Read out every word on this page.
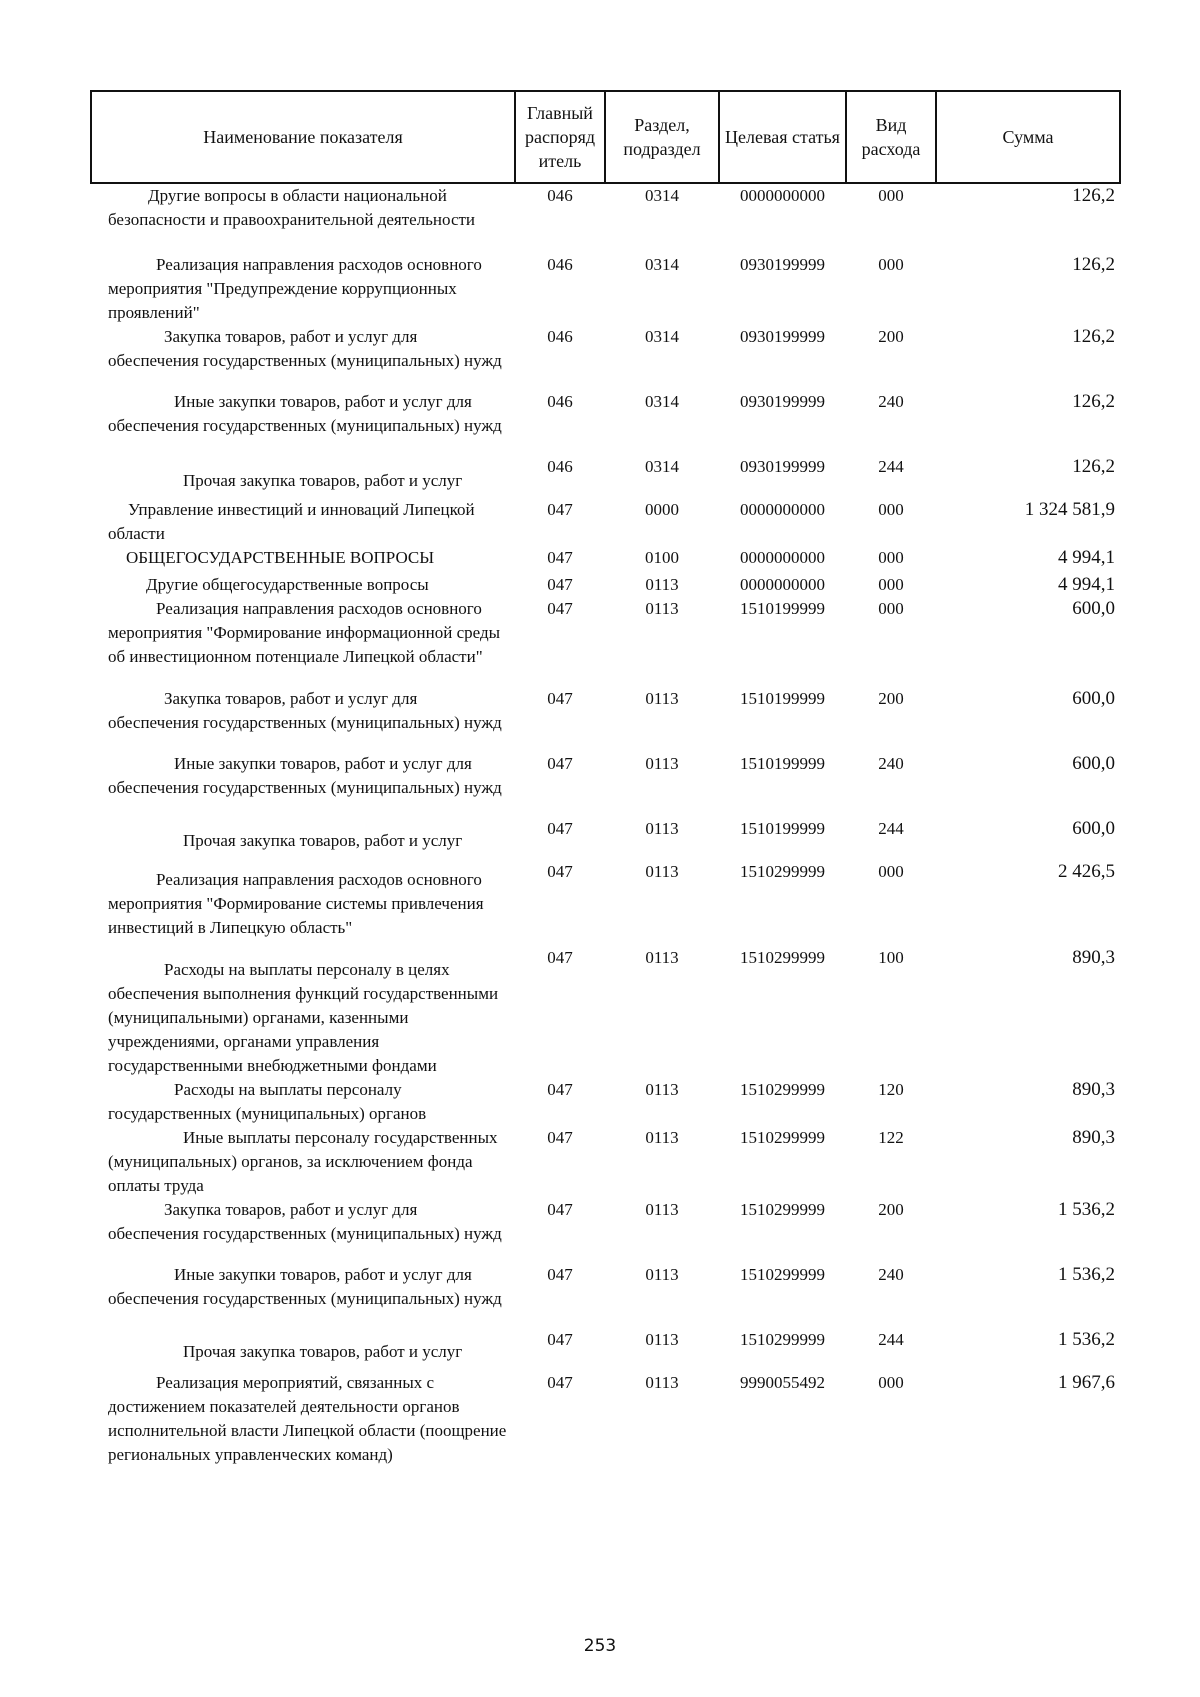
Наименование показателя	Главный распоряд итель	Раздел, подраздел	Целевая статья	Вид расхода	Сумма
Другие вопросы в области национальной безопасности и правоохранительной деятельности	046	0314	0000000000	000	126,2
Реализация направления расходов основного мероприятия "Предупреждение коррупционных проявлений"	046	0314	0930199999	000	126,2
Закупка товаров, работ и услуг для обеспечения государственных (муниципальных) нужд	046	0314	0930199999	200	126,2
Иные закупки товаров, работ и услуг для обеспечения государственных (муниципальных) нужд	046	0314	0930199999	240	126,2
Прочая закупка товаров, работ и услуг	046	0314	0930199999	244	126,2
Управление инвестиций и инноваций Липецкой области	047	0000	0000000000	000	1 324 581,9
ОБЩЕГОСУДАРСТВЕННЫЕ ВОПРОСЫ	047	0100	0000000000	000	4 994,1
Другие общегосударственные вопросы	047	0113	0000000000	000	4 994,1
Реализация направления расходов основного мероприятия "Формирование информационной среды об инвестиционном потенциале Липецкой области"	047	0113	1510199999	000	600,0
Закупка товаров, работ и услуг для обеспечения государственных (муниципальных) нужд	047	0113	1510199999	200	600,0
Иные закупки товаров, работ и услуг для обеспечения государственных (муниципальных) нужд	047	0113	1510199999	240	600,0
Прочая закупка товаров, работ и услуг	047	0113	1510199999	244	600,0
Реализация направления расходов основного мероприятия "Формирование системы привлечения инвестиций в Липецкую область"	047	0113	1510299999	000	2 426,5
Расходы на выплаты персоналу в целях обеспечения выполнения функций государственными (муниципальными) органами, казенными учреждениями, органами управления государственными внебюджетными фондами	047	0113	1510299999	100	890,3
Расходы на выплаты персоналу государственных (муниципальных) органов	047	0113	1510299999	120	890,3
Иные выплаты персоналу государственных (муниципальных) органов, за исключением фонда оплаты труда	047	0113	1510299999	122	890,3
Закупка товаров, работ и услуг для обеспечения государственных (муниципальных) нужд	047	0113	1510299999	200	1 536,2
Иные закупки товаров, работ и услуг для обеспечения государственных (муниципальных) нужд	047	0113	1510299999	240	1 536,2
Прочая закупка товаров, работ и услуг	047	0113	1510299999	244	1 536,2
Реализация мероприятий, связанных с достижением показателей деятельности органов исполнительной власти Липецкой области (поощрение региональных управленческих команд)	047	0113	9990055492	000	1 967,6
253
